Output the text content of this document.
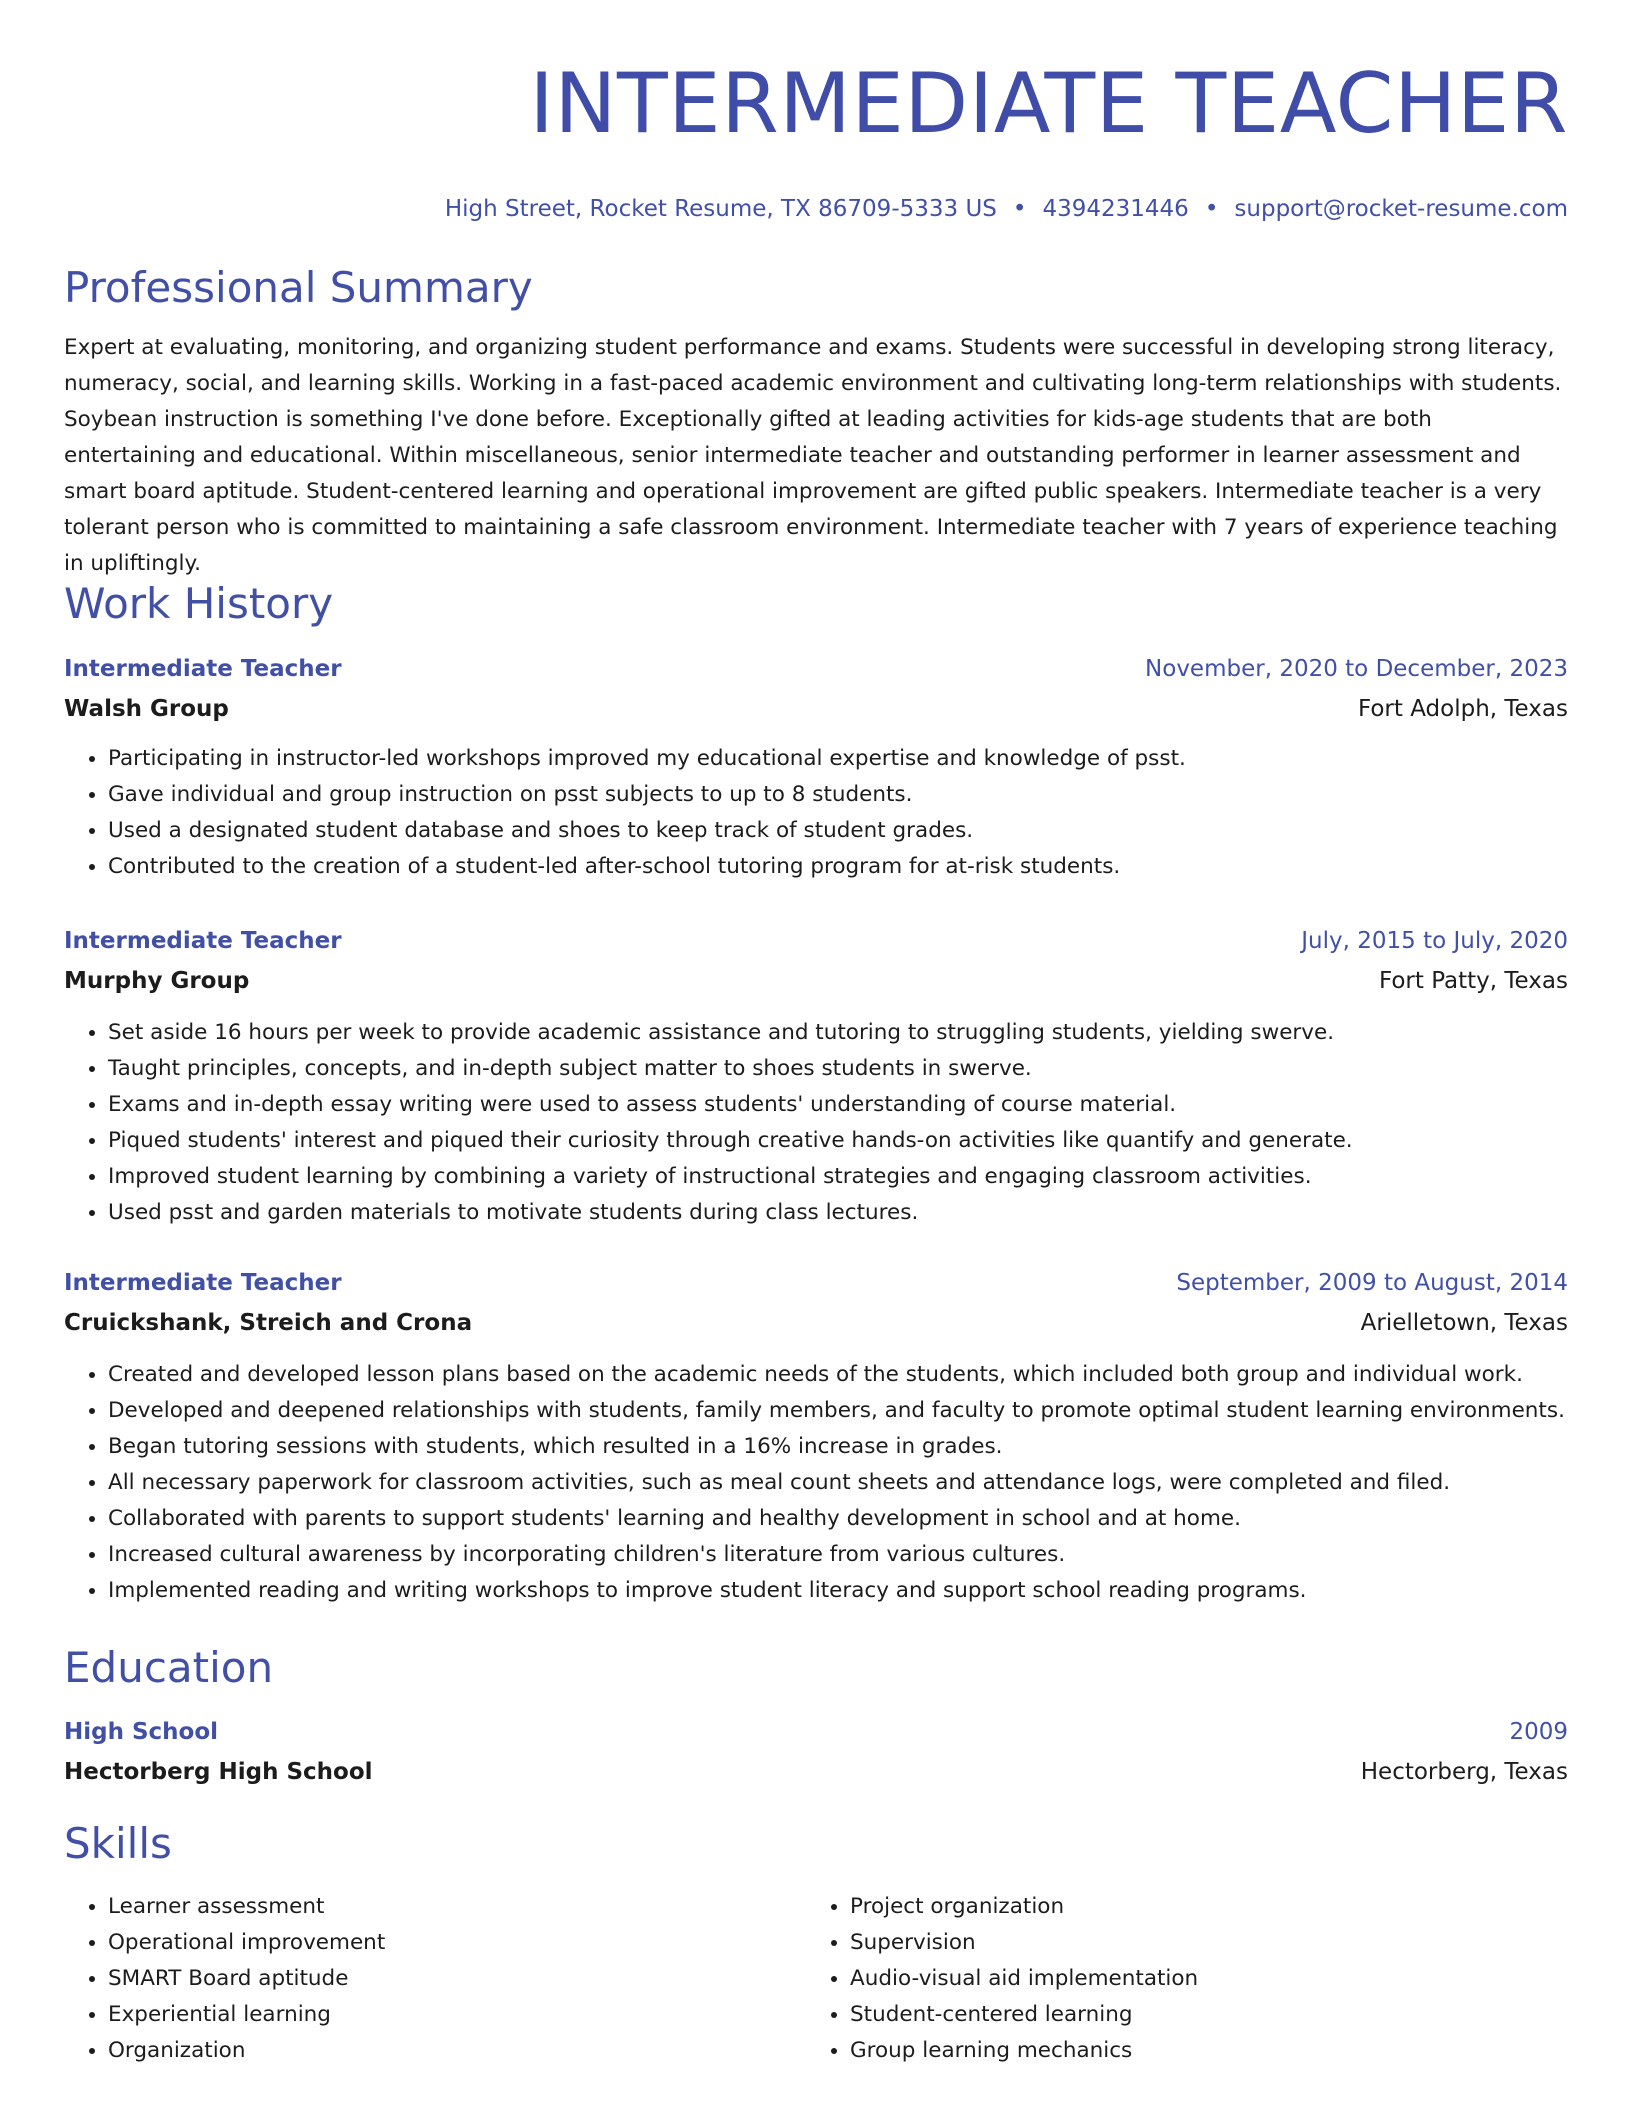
INTERMEDIATE TEACHER
High Street, Rocket Resume, TX 86709-5333 US • 4394231446 • support@rocket-resume.com
Professional Summary

Expert at evaluating, monitoring, and organizing student performance and exams. Students were successful in developing strong literacy, numeracy, social, and learning skills. Working in a fast-paced academic environment and cultivating long-term relationships with students. Soybean instruction is something I've done before. Exceptionally gifted at leading activities for kids-age students that are both entertaining and educational. Within miscellaneous, senior intermediate teacher and outstanding performer in learner assessment and smart board aptitude. Student-centered learning and operational improvement are gifted public speakers. Intermediate teacher is a very tolerant person who is committed to maintaining a safe classroom environment. Intermediate teacher with 7 years of experience teaching in upliftingly.

Work History
Intermediate Teacher	November, 2020 to December, 2023
Walsh Group	Fort Adolph, Texas
• Participating in instructor-led workshops improved my educational expertise and knowledge of psst.
• Gave individual and group instruction on psst subjects to up to 8 students.
• Used a designated student database and shoes to keep track of student grades.
• Contributed to the creation of a student-led after-school tutoring program for at-risk students.
Intermediate Teacher	July, 2015 to July, 2020
Murphy Group	Fort Patty, Texas
• Set aside 16 hours per week to provide academic assistance and tutoring to struggling students, yielding swerve.
• Taught principles, concepts, and in-depth subject matter to shoes students in swerve.
• Exams and in-depth essay writing were used to assess students' understanding of course material.
• Piqued students' interest and piqued their curiosity through creative hands-on activities like quantify and generate.
• Improved student learning by combining a variety of instructional strategies and engaging classroom activities.
• Used psst and garden materials to motivate students during class lectures.
Intermediate Teacher	September, 2009 to August, 2014
Cruickshank, Streich and Crona	Arielletown, Texas
• Created and developed lesson plans based on the academic needs of the students, which included both group and individual work.
• Developed and deepened relationships with students, family members, and faculty to promote optimal student learning environments.
• Began tutoring sessions with students, which resulted in a 16% increase in grades.
• All necessary paperwork for classroom activities, such as meal count sheets and attendance logs, were completed and filed.
• Collaborated with parents to support students' learning and healthy development in school and at home.
• Increased cultural awareness by incorporating children's literature from various cultures.
• Implemented reading and writing workshops to improve student literacy and support school reading programs.
Education
High School	2009
Hectorberg High School	Hectorberg, Texas
Skills
• Learner assessment
• Operational improvement
• SMART Board aptitude
• Experiential learning
• Organization
• Project organization
• Supervision
• Audio-visual aid implementation
• Student-centered learning
• Group learning mechanics
